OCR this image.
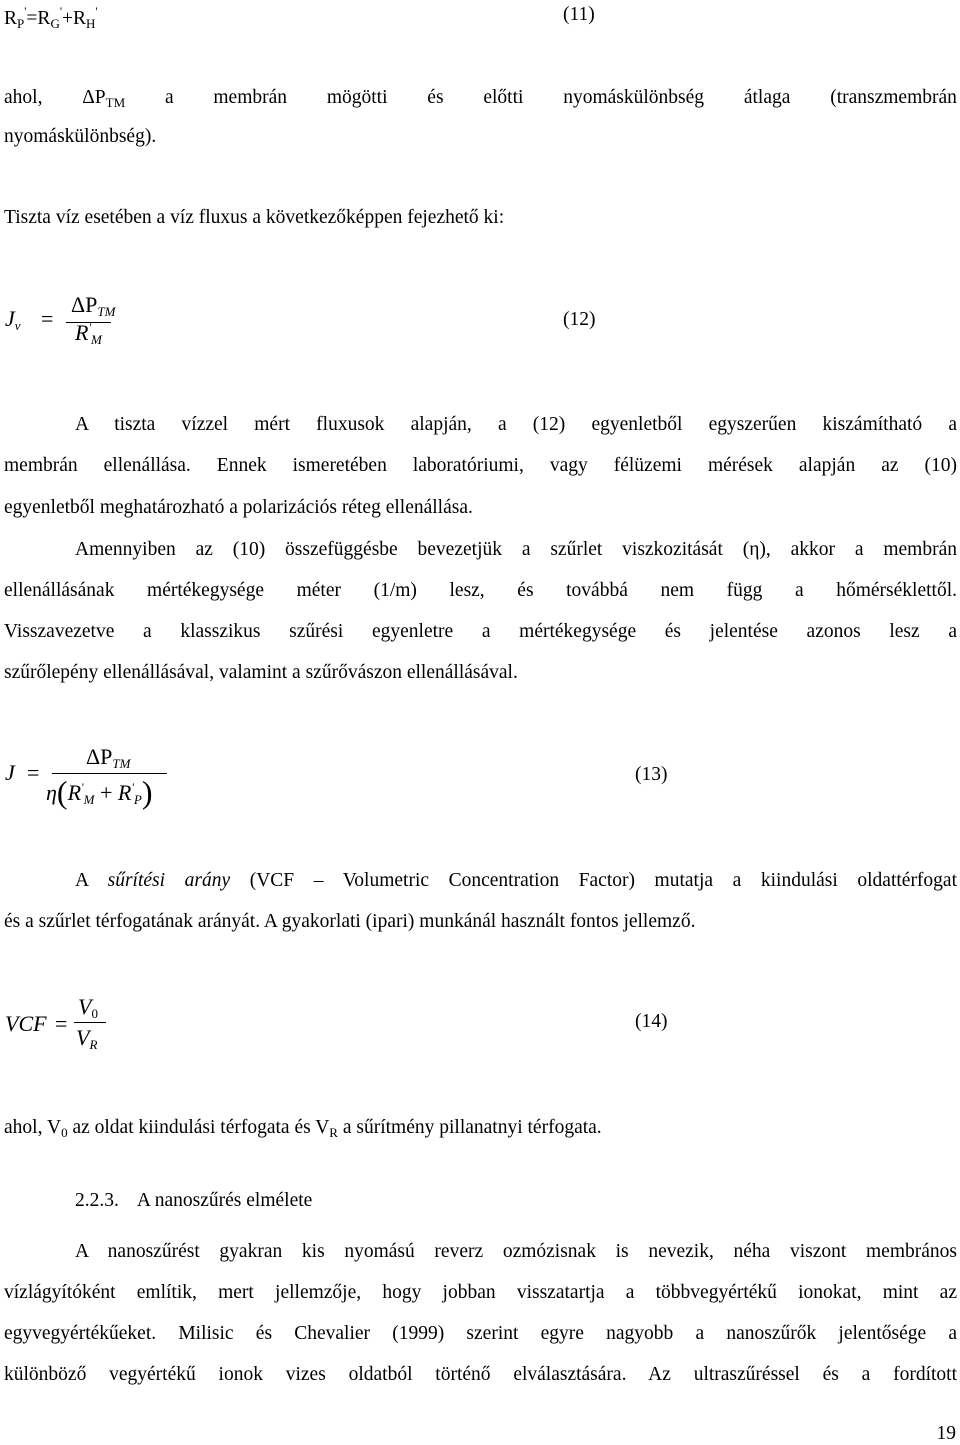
$R_P'=R_G'+R_H'$	(11)
ahol, $\Delta P_{TM}$ a membrán mögötti és előtti nyomáskülönbség átlaga (transzmembrán
nyomáskülönbség).
Tiszta víz esetében a víz fluxus a következőképpen fejezhető ki:
$J_v$ =
$\Delta P_{TM}$
$R'_M$
(12)
A tiszta vízzel mért fluxusok alapján, a (12) egyenletből egyszerűen kiszámítható a
membrán ellenállása. Ennek ismeretében laboratóriumi, vagy félüzemi mérések alapján az (10)
egyenletből meghatározható a polarizációs réteg ellenállása.
Amennyiben az (10) összefüggésbe bevezetjük a szűrlet viszkozitását (η), akkor a membrán
ellenállásának mértékegysége méter (1/m) lesz, és továbbá nem függ a hőmérséklettől.
Visszavezetve a klasszikus szűrési egyenletre a mértékegysége és jelentése azonos lesz a
szűrőlepény ellenállásával, valamint a szűrővászon ellenállásával.
J =
$\Delta P_{TM}$
$\eta(R'_M + R'_P)$	(13)
A sűrítési arány (VCF – Volumetric Concentration Factor) mutatja a kiindulási oldattérfogat
és a szűrlet térfogatának arányát. A gyakorlati (ipari) munkánál használt fontos jellemző.
VCF =
$V_0$
$V_R$
(14)
ahol, $V_0$ az oldat kiindulási térfogata és $V_R$ a sűrítmény pillanatnyi térfogata.
2.2.3. A nanoszűrés elmélete
A nanoszűrést gyakran kis nyomású reverz ozmózisnak is nevezik, néha viszont membrános
vízlágyítóként említik, mert jellemzője, hogy jobban visszatartja a többvegyértékű ionokat, mint az
egyvegyértékűeket. Milisic és Chevalier (1999) szerint egyre nagyobb a nanoszűrők jelentősége a
különböző vegyértékű ionok vizes oldatból történő elválasztására. Az ultraszűréssel és a fordított
19
